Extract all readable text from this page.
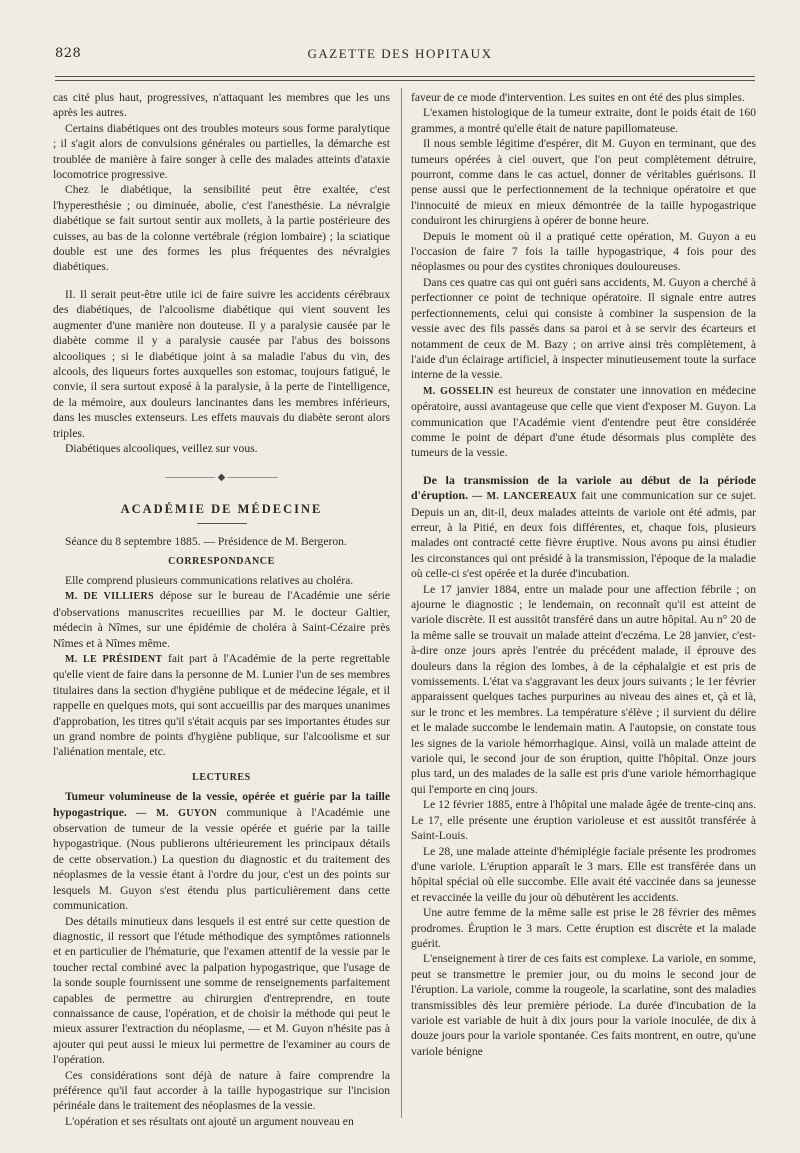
828	GAZETTE DES HOPITAUX

cas cité plus haut, progressives, n'attaquant les membres que les uns après les autres.

Certains diabétiques ont des troubles moteurs sous forme paralytique ; il s'agit alors de convulsions générales ou partielles, la démarche est troublée de manière à faire songer à celle des malades atteints d'ataxie locomotrice progressive.

Chez le diabétique, la sensibilité peut être exaltée, c'est l'hyperesthésie ; ou diminuée, abolie, c'est l'anesthésie. La névralgie diabétique se fait surtout sentir aux mollets, à la partie postérieure des cuisses, au bas de la colonne vertébrale (région lombaire) ; la sciatique double est une des formes les plus fréquentes des névralgies diabétiques.

II. Il serait peut-être utile ici de faire suivre les accidents cérébraux des diabétiques, de l'alcoolisme diabétique qui vient souvent les augmenter d'une manière non douteuse. Il y a paralysie causée par le diabète comme il y a paralysie causée par l'abus des boissons alcooliques ; si le diabétique joint à sa maladie l'abus du vin, des alcools, des liqueurs fortes auxquelles son estomac, toujours fatigué, le convie, il sera surtout exposé à la paralysie, à la perte de l'intelligence, de la mémoire, aux douleurs lancinantes dans les membres inférieurs, dans les muscles extenseurs. Les effets mauvais du diabète seront alors triples.

Diabétiques alcooliques, veillez sur vous.

————— ◆ —————
ACADÉMIE DE MÉDECINE

Séance du 8 septembre 1885. — Présidence de M. Bergeron.

CORRESPONDANCE

Elle comprend plusieurs communications relatives au choléra.

M. DE VILLIERS dépose sur le bureau de l'Académie une série d'observations manuscrites recueillies par M. le docteur Galtier, médecin à Nîmes, sur une épidémie de choléra à Saint-Cézaire près Nîmes et à Nîmes même.

M. LE PRÉSIDENT fait part à l'Académie de la perte regrettable qu'elle vient de faire dans la personne de M. Lunier l'un de ses membres titulaires dans la section d'hygiène publique et de médecine légale, et il rappelle en quelques mots, qui sont accueillis par des marques unanimes d'approbation, les titres qu'il s'était acquis par ses importantes études sur un grand nombre de points d'hygiène publique, sur l'alcoolisme et sur l'aliénation mentale, etc.

LECTURES

Tumeur volumineuse de la vessie, opérée et guérie par la taille hypogastrique. — M. GUYON communique à l'Académie une observation de tumeur de la vessie opérée et guérie par la taille hypogastrique. (Nous publierons ultérieurement les principaux détails de cette observation.) La question du diagnostic et du traitement des néoplasmes de la vessie étant à l'ordre du jour, c'est un des points sur lesquels M. Guyon s'est étendu plus particulièrement dans cette communication.

Des détails minutieux dans lesquels il est entré sur cette question de diagnostic, il ressort que l'étude méthodique des symptômes rationnels et en particulier de l'hématurie, que l'examen attentif de la vessie par le toucher rectal combiné avec la palpation hypogastrique, que l'usage de la sonde souple fournissent une somme de renseignements parfaitement capables de permettre au chirurgien d'entreprendre, en toute connaissance de cause, l'opération, et de choisir la méthode qui peut le mieux assurer l'extraction du néoplasme, — et M. Guyon n'hésite pas à ajouter qui peut aussi le mieux lui permettre de l'examiner au cours de l'opération.

Ces considérations sont déjà de nature à faire comprendre la préférence qu'il faut accorder à la taille hypogastrique sur l'incision périnéale dans le traitement des néoplasmes de la vessie.

L'opération et ses résultats ont ajouté un argument nouveau en

faveur de ce mode d'intervention. Les suites en ont été des plus simples.

L'examen histologique de la tumeur extraite, dont le poids était de 160 grammes, a montré qu'elle était de nature papillomateuse.

Il nous semble légitime d'espérer, dit M. Guyon en terminant, que des tumeurs opérées à ciel ouvert, que l'on peut complètement détruire, pourront, comme dans le cas actuel, donner de véritables guérisons. Il pense aussi que le perfectionnement de la technique opératoire et que l'innocuité de mieux en mieux démontrée de la taille hypogastrique conduiront les chirurgiens à opérer de bonne heure.

Depuis le moment où il a pratiqué cette opération, M. Guyon a eu l'occasion de faire 7 fois la taille hypogastrique, 4 fois pour des néoplasmes ou pour des cystites chroniques douloureuses.

Dans ces quatre cas qui ont guéri sans accidents, M. Guyon a cherché à perfectionner ce point de technique opératoire. Il signale entre autres perfectionnements, celui qui consiste à combiner la suspension de la vessie avec des fils passés dans sa paroi et à se servir des écarteurs et notamment de ceux de M. Bazy ; on arrive ainsi très complètement, à l'aide d'un éclairage artificiel, à inspecter minutieusement toute la surface interne de la vessie.

M. GOSSELIN est heureux de constater une innovation en médecine opératoire, aussi avantageuse que celle que vient d'exposer M. Guyon. La communication que l'Académie vient d'entendre peut être considérée comme le point de départ d'une étude désormais plus complète des tumeurs de la vessie.

De la transmission de la variole au début de la période d'éruption. — M. LANCEREAUX fait une communication sur ce sujet. Depuis un an, dit-il, deux malades atteints de variole ont été admis, par erreur, à la Pitié, en deux fois différentes, et, chaque fois, plusieurs malades ont contracté cette fièvre éruptive. Nous avons pu ainsi étudier les circonstances qui ont présidé à la transmission, l'époque de la maladie où celle-ci s'est opérée et la durée d'incubation.

Le 17 janvier 1884, entre un malade pour une affection fébrile ; on ajourne le diagnostic ; le lendemain, on reconnaît qu'il est atteint de variole discrète. Il est aussitôt transféré dans un autre hôpital. Au n° 20 de la même salle se trouvait un malade atteint d'eczéma. Le 28 janvier, c'est-à-dire onze jours après l'entrée du précédent malade, il éprouve des douleurs dans la région des lombes, à de la céphalalgie et est pris de vomissements. L'état va s'aggravant les deux jours suivants ; le 1er février apparaissent quelques taches purpurines au niveau des aines et, çà et là, sur le tronc et les membres. La température s'élève ; il survient du délire et le malade succombe le lendemain matin. A l'autopsie, on constate tous les signes de la variole hémorrhagique. Ainsi, voilà un malade atteint de variole qui, le second jour de son éruption, quitte l'hôpital. Onze jours plus tard, un des malades de la salle est pris d'une variole hémorrhagique qui l'emporte en cinq jours.

Le 12 février 1885, entre à l'hôpital une malade âgée de trente-cinq ans. Le 17, elle présente une éruption varioleuse et est aussitôt transférée à Saint-Louis.

Le 28, une malade atteinte d'hémiplégie faciale présente les prodromes d'une variole. L'éruption apparaît le 3 mars. Elle est transférée dans un hôpital spécial où elle succombe. Elle avait été vaccinée dans sa jeunesse et revaccinée la veille du jour où débutèrent les accidents.

Une autre femme de la même salle est prise le 28 février des mêmes prodromes. Éruption le 3 mars. Cette éruption est discrète et la malade guérit.

L'enseignement à tirer de ces faits est complexe. La variole, en somme, peut se transmettre le premier jour, ou du moins le second jour de l'éruption. La variole, comme la rougeole, la scarlatine, sont des maladies transmissibles dès leur première période. La durée d'incubation de la variole est variable de huit à dix jours pour la variole inoculée, de dix à douze jours pour la variole spontanée. Ces faits montrent, en outre, qu'une variole bénigne
